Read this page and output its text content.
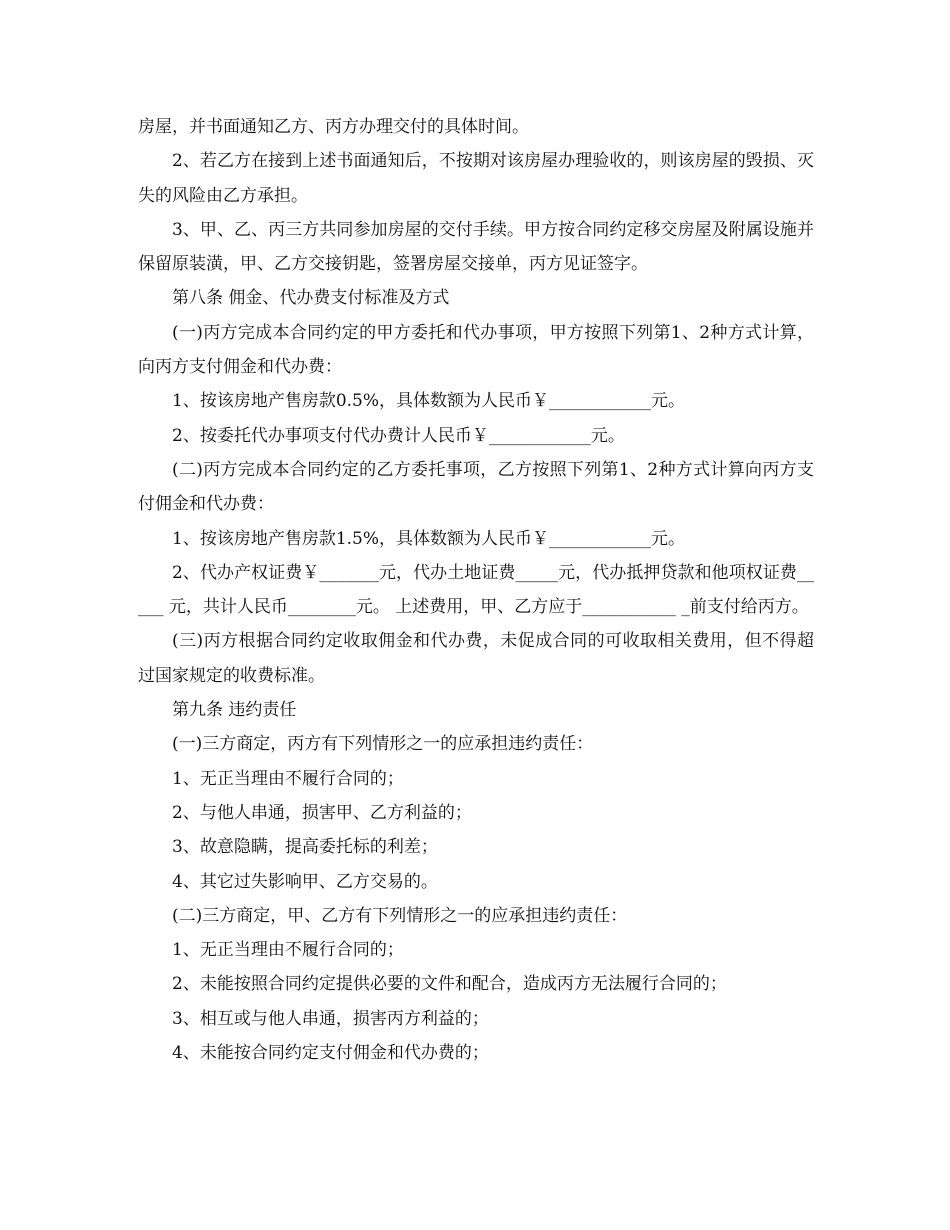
房屋，并书面通知乙方、丙方办理交付的具体时间。

2、若乙方在接到上述书面通知后，不按期对该房屋办理验收的，则该房屋的毁损、灭失的风险由乙方承担。

3、甲、乙、丙三方共同参加房屋的交付手续。甲方按合同约定移交房屋及附属设施并保留原装潢，甲、乙方交接钥匙，签署房屋交接单，丙方见证签字。

第八条 佣金、代办费支付标准及方式

(一)丙方完成本合同约定的甲方委托和代办事项，甲方按照下列第1、2种方式计算，向丙方支付佣金和代办费：

1、按该房地产售房款0.5%，具体数额为人民币￥____________元。

2、按委托代办事项支付代办费计人民币￥____________元。

(二)丙方完成本合同约定的乙方委托事项，乙方按照下列第1、2种方式计算向丙方支付佣金和代办费：

1、按该房地产售房款1.5%，具体数额为人民币￥____________元。

2、代办产权证费￥_______元，代办土地证费_____元，代办抵押贷款和他项权证费_____ 元，共计人民币________元。 上述费用，甲、乙方应于___________ _前支付给丙方。

(三)丙方根据合同约定收取佣金和代办费，未促成合同的可收取相关费用，但不得超过国家规定的收费标准。

第九条 违约责任

(一)三方商定，丙方有下列情形之一的应承担违约责任：

1、无正当理由不履行合同的；

2、与他人串通，损害甲、乙方利益的；

3、故意隐瞒，提高委托标的利差；

4、其它过失影响甲、乙方交易的。

(二)三方商定，甲、乙方有下列情形之一的应承担违约责任：

1、无正当理由不履行合同的；

2、未能按照合同约定提供必要的文件和配合，造成丙方无法履行合同的；

3、相互或与他人串通，损害丙方利益的；

4、未能按合同约定支付佣金和代办费的；
